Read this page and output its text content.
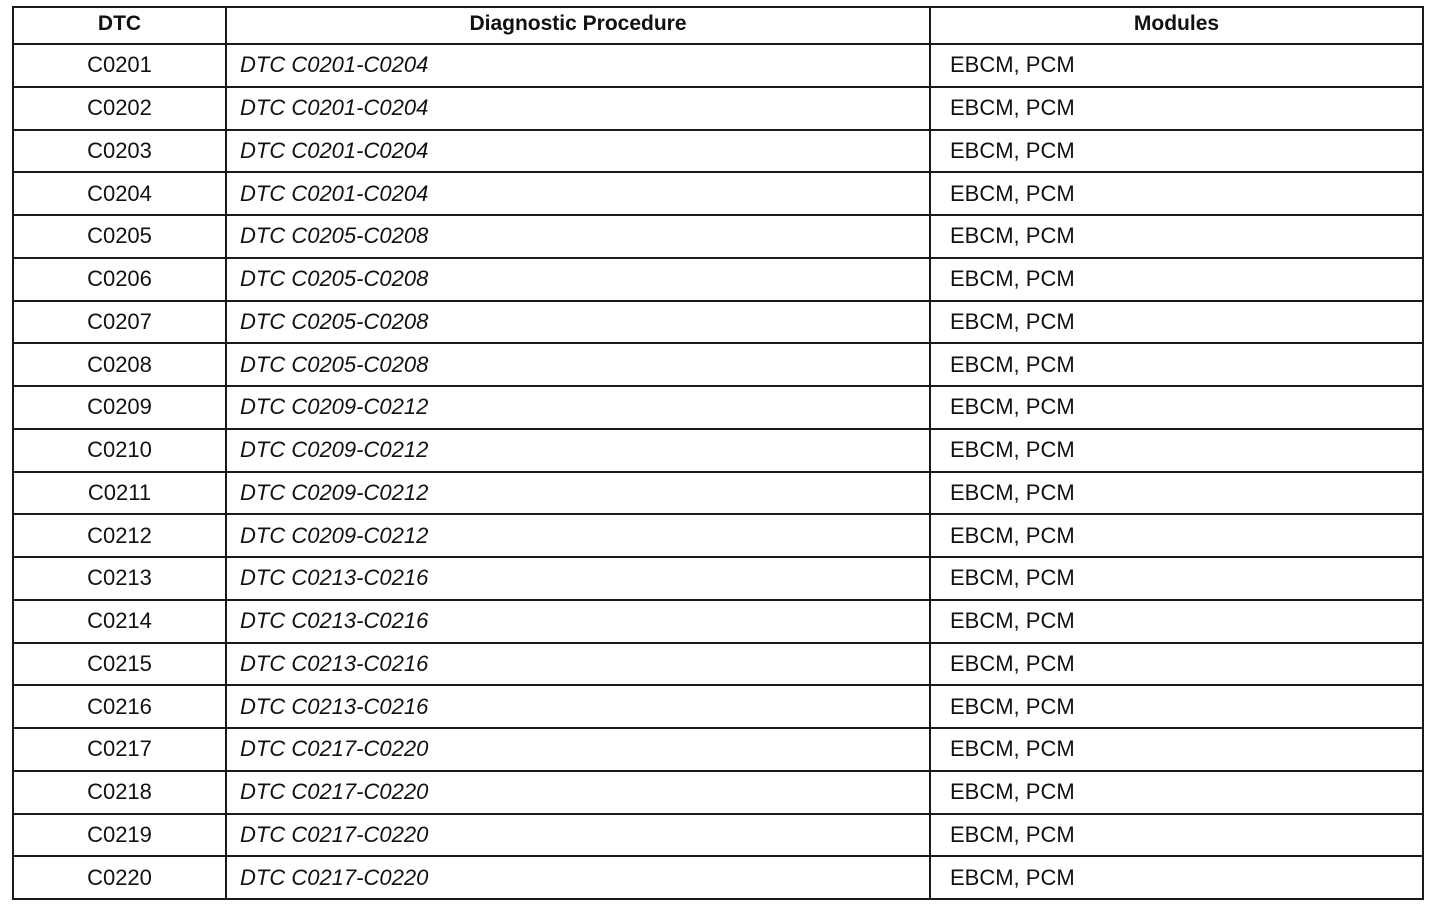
DTC	Diagnostic Procedure	Modules
C0201	DTC C0201-C0204	EBCM, PCM
C0202	DTC C0201-C0204	EBCM, PCM
C0203	DTC C0201-C0204	EBCM, PCM
C0204	DTC C0201-C0204	EBCM, PCM
C0205	DTC C0205-C0208	EBCM, PCM
C0206	DTC C0205-C0208	EBCM, PCM
C0207	DTC C0205-C0208	EBCM, PCM
C0208	DTC C0205-C0208	EBCM, PCM
C0209	DTC C0209-C0212	EBCM, PCM
C0210	DTC C0209-C0212	EBCM, PCM
C0211	DTC C0209-C0212	EBCM, PCM
C0212	DTC C0209-C0212	EBCM, PCM
C0213	DTC C0213-C0216	EBCM, PCM
C0214	DTC C0213-C0216	EBCM, PCM
C0215	DTC C0213-C0216	EBCM, PCM
C0216	DTC C0213-C0216	EBCM, PCM
C0217	DTC C0217-C0220	EBCM, PCM
C0218	DTC C0217-C0220	EBCM, PCM
C0219	DTC C0217-C0220	EBCM, PCM
C0220	DTC C0217-C0220	EBCM, PCM
